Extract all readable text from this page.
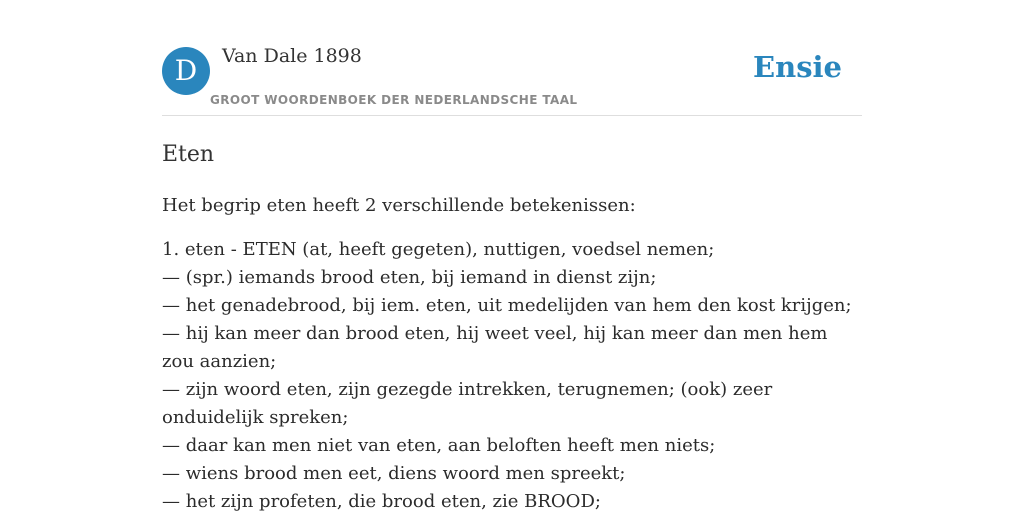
D	Van Dale 1898
GROOT WOORDENBOEK DER NEDERLANDSCHE TAAL
Ensie
Eten

Het begrip eten heeft 2 verschillende betekenissen:

1. eten - ETEN (at, heeft gegeten), nuttigen, voedsel nemen;
— (spr.) iemands brood eten, bij iemand in dienst zijn;
— het genadebrood, bij iem. eten, uit medelijden van hem den kost krijgen;
— hij kan meer dan brood eten, hij weet veel, hij kan meer dan men hem zou aanzien;
— zijn woord eten, zijn gezegde intrekken, terugnemen; (ook) zeer onduidelijk spreken;
— daar kan men niet van eten, aan beloften heeft men niets;
— wiens brood men eet, diens woord men spreekt;
— het zijn profeten, die brood eten, zie BROOD;
